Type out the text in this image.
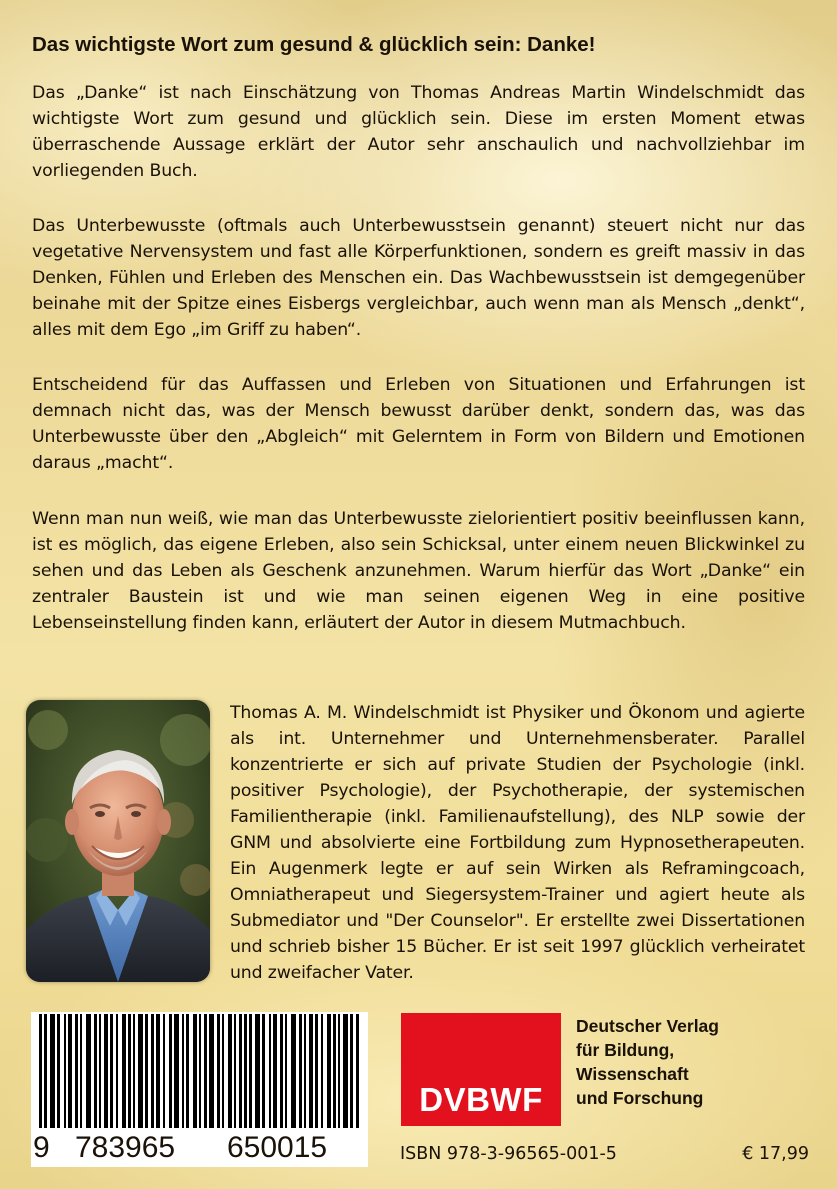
Das wichtigste Wort zum gesund & glücklich sein: Danke!

Das „Danke“ ist nach Einschätzung von Thomas Andreas Martin Windelschmidt das wichtigste Wort zum gesund und glücklich sein. Diese im ersten Moment etwas überraschende Aussage erklärt der Autor sehr anschaulich und nachvollziehbar im vorliegenden Buch.

Das Unterbewusste (oftmals auch Unterbewusstsein genannt) steuert nicht nur das vegetative Nervensystem und fast alle Körperfunktionen, sondern es greift massiv in das Denken, Fühlen und Erleben des Menschen ein. Das Wachbewusstsein ist demgegenüber beinahe mit der Spitze eines Eisbergs vergleichbar, auch wenn man als Mensch „denkt“, alles mit dem Ego „im Griff zu haben“.

Entscheidend für das Auffassen und Erleben von Situationen und Erfahrungen ist demnach nicht das, was der Mensch bewusst darüber denkt, sondern das, was das Unterbewusste über den „Abgleich“ mit Gelerntem in Form von Bildern und Emotionen daraus „macht“.

Wenn man nun weiß, wie man das Unterbewusste zielorientiert positiv beeinflussen kann, ist es möglich, das eigene Erleben, also sein Schicksal, unter einem neuen Blickwinkel zu sehen und das Leben als Geschenk anzunehmen. Warum hierfür das Wort „Danke“ ein zentraler Baustein ist und wie man seinen eigenen Weg in eine positive Lebenseinstellung finden kann, erläutert der Autor in diesem Mutmachbuch.

Thomas A. M. Windelschmidt ist Physiker und Ökonom und agierte als int. Unternehmer und Unternehmensberater. Parallel konzentrierte er sich auf private Studien der Psychologie (inkl. positiver Psychologie), der Psychotherapie, der systemischen Familientherapie (inkl. Familienaufstellung), des NLP sowie der GNM und absolvierte eine Fortbildung zum Hypnosetherapeuten. Ein Augenmerk legte er auf sein Wirken als Reframingcoach, Omniatherapeut und Siegersystem-Trainer und agiert heute als Submediator und "Der Counselor". Er erstellte zwei Dissertationen und schrieb bisher 15 Bücher. Er ist seit 1997 glücklich verheiratet und zweifacher Vater.

9 783965 650015
DVBWF
Deutscher Verlag
für Bildung,
Wissenschaft
und Forschung
ISBN 978-3-96565-001-5	€ 17,99
